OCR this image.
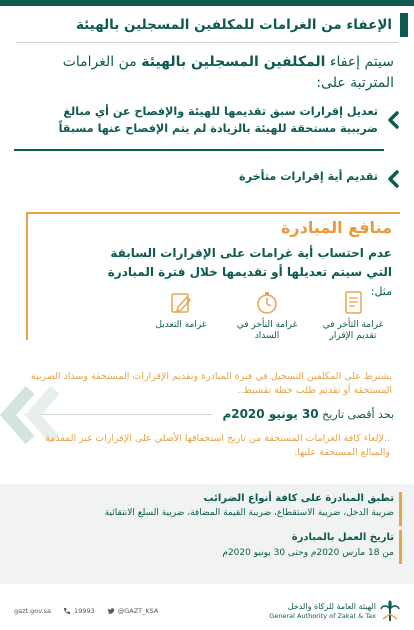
الإعفاء من الغرامات للمكلفين المسجلين بالهيئة
سيتم إعفاء المكلفين المسجلين بالهيئة من الغرامات المترتبة على:
تعديل إقرارات سبق تقديمها للهيئة والإفصاح عن أي مبالغ ضريبية مستحقة للهيئة بالزيادة لم يتم الإفصاح عنها مسبقاً
تقديم أية إقرارات متأخرة
منافع المبادرة
عدم احتساب أية غرامات على الإقرارات السابقة التي سيتم تعديلها أو تقديمها خلال فترة المبادرة مثل:
غرامة التأخر في تقديم الإقرار
غرامة التأخر في السداد
غرامة التعديل
يشترط على المكلفين التسجيل في فترة المبادرة وتقديم الإقرارات المستحقة وسداد الضريبة المستحقة أو تقديم طلب خطة تقسيط..
بحد أقصى تاريخ 30 يونيو 2020م
..لإلغاء كافة الغرامات المستحقة من تاريخ استحقاقها الأصلي على الإقرارات غير المقدمة والمبالغ المستحقة عليها.
تطبق المبادرة على كافة أنواع الضرائب
ضريبة الدخل، ضريبة الاستقطاع، ضريبة القيمة المضافة، ضريبة السلع الانتقائية
تاريخ العمل بالمبادرة
من 18 مارس 2020م وحتى 30 يونيو 2020م
الهيئة العامة للزكاة والدخل
General Authority of Zakat & Tax
gazt.gov.sa	19993	@GAZT_KSA
